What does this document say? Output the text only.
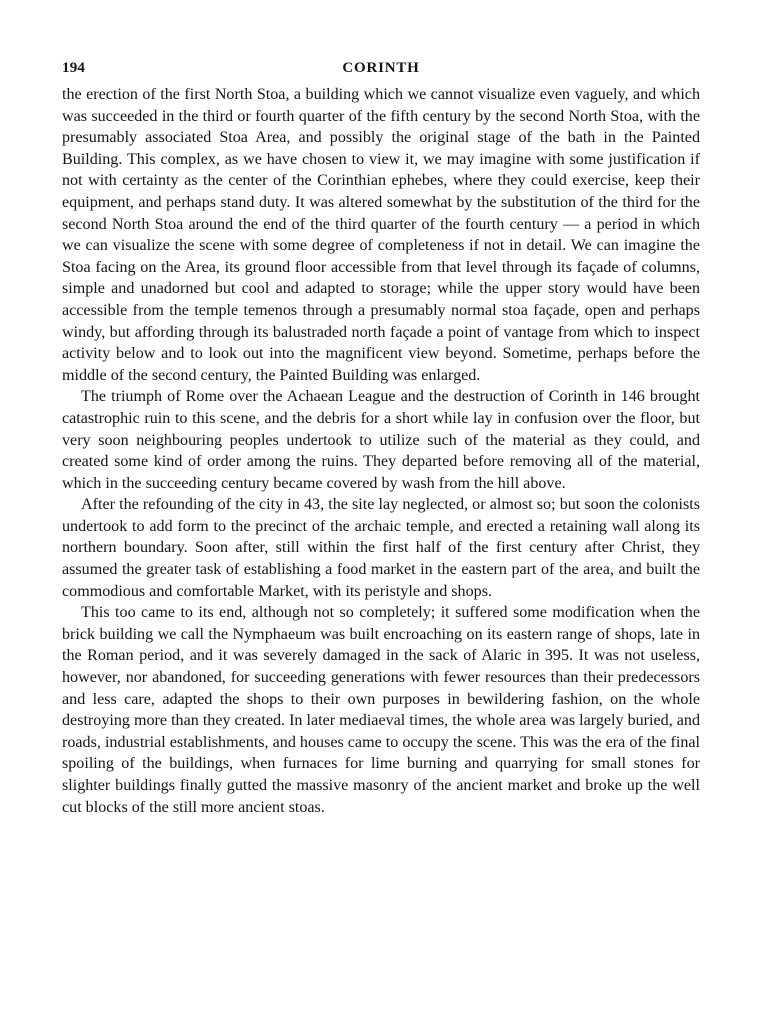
194	CORINTH

the erection of the first North Stoa, a building which we cannot visualize even vaguely, and which was succeeded in the third or fourth quarter of the fifth century by the second North Stoa, with the presumably associated Stoa Area, and possibly the original stage of the bath in the Painted Building. This complex, as we have chosen to view it, we may imagine with some justification if not with certainty as the center of the Corinthian ephebes, where they could exercise, keep their equipment, and perhaps stand duty. It was altered somewhat by the substitution of the third for the second North Stoa around the end of the third quarter of the fourth century — a period in which we can visualize the scene with some degree of completeness if not in detail. We can imagine the Stoa facing on the Area, its ground floor accessible from that level through its façade of columns, simple and unadorned but cool and adapted to storage; while the upper story would have been accessible from the temple temenos through a presumably normal stoa façade, open and perhaps windy, but affording through its balustraded north façade a point of vantage from which to inspect activity below and to look out into the magnificent view beyond. Sometime, perhaps before the middle of the second century, the Painted Building was enlarged.

The triumph of Rome over the Achaean League and the destruction of Corinth in 146 brought catastrophic ruin to this scene, and the debris for a short while lay in confusion over the floor, but very soon neighbouring peoples undertook to utilize such of the material as they could, and created some kind of order among the ruins. They departed before removing all of the material, which in the succeeding century became covered by wash from the hill above.

After the refounding of the city in 43, the site lay neglected, or almost so; but soon the colonists undertook to add form to the precinct of the archaic temple, and erected a retaining wall along its northern boundary. Soon after, still within the first half of the first century after Christ, they assumed the greater task of establishing a food market in the eastern part of the area, and built the commodious and comfortable Market, with its peristyle and shops.

This too came to its end, although not so completely; it suffered some modification when the brick building we call the Nymphaeum was built encroaching on its eastern range of shops, late in the Roman period, and it was severely damaged in the sack of Alaric in 395. It was not useless, however, nor abandoned, for succeeding generations with fewer resources than their predecessors and less care, adapted the shops to their own purposes in bewildering fashion, on the whole destroying more than they created. In later mediaeval times, the whole area was largely buried, and roads, industrial establishments, and houses came to occupy the scene. This was the era of the final spoiling of the buildings, when furnaces for lime burning and quarrying for small stones for slighter buildings finally gutted the massive masonry of the ancient market and broke up the well cut blocks of the still more ancient stoas.
